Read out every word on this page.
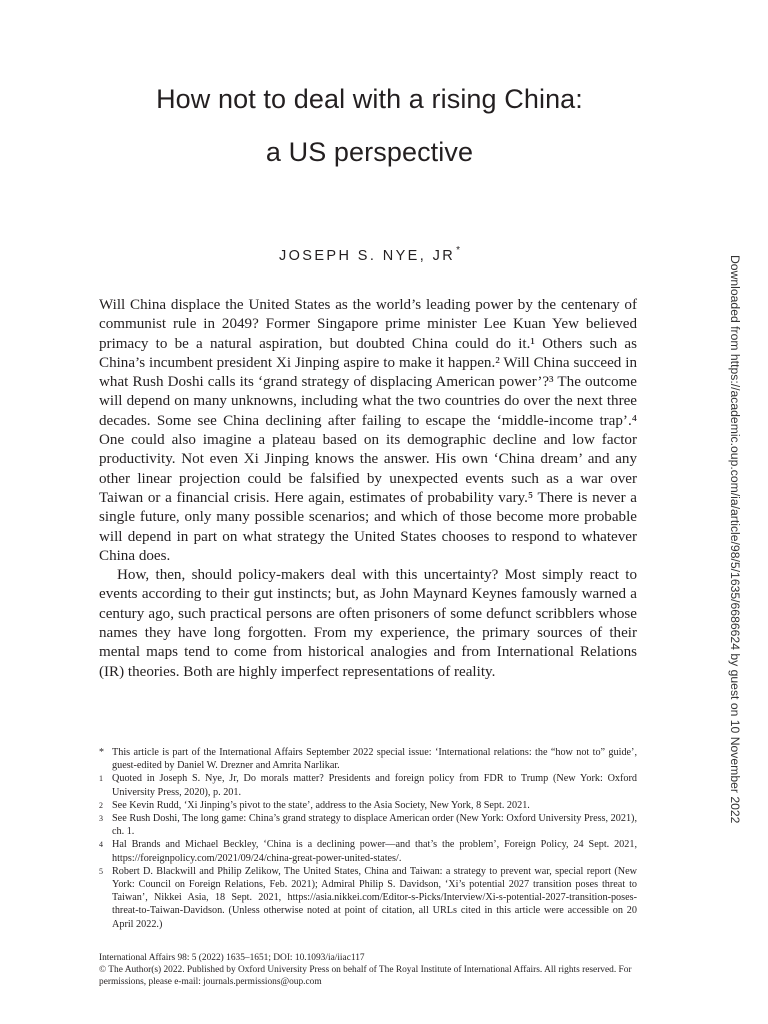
How not to deal with a rising China:
a US perspective
JOSEPH S. NYE, JR*

Will China displace the United States as the world’s leading power by the centenary of communist rule in 2049? Former Singapore prime minister Lee Kuan Yew believed primacy to be a natural aspiration, but doubted China could do it.¹ Others such as China’s incumbent president Xi Jinping aspire to make it happen.² Will China succeed in what Rush Doshi calls its ‘grand strategy of displacing American power’?³ The outcome will depend on many unknowns, including what the two countries do over the next three decades. Some see China declining after failing to escape the ‘middle-income trap’.⁴ One could also imagine a plateau based on its demographic decline and low factor productivity. Not even Xi Jinping knows the answer. His own ‘China dream’ and any other linear projection could be falsified by unexpected events such as a war over Taiwan or a financial crisis. Here again, estimates of probability vary.⁵ There is never a single future, only many possible scenarios; and which of those become more probable will depend in part on what strategy the United States chooses to respond to whatever China does.

How, then, should policy-makers deal with this uncertainty? Most simply react to events according to their gut instincts; but, as John Maynard Keynes famously warned a century ago, such practical persons are often prisoners of some defunct scribblers whose names they have long forgotten. From my experience, the primary sources of their mental maps tend to come from historical analogies and from International Relations (IR) theories. Both are highly imperfect representations of reality.

* This article is part of the International Affairs September 2022 special issue: ‘International relations: the “how not to” guide’, guest-edited by Daniel W. Drezner and Amrita Narlikar.

1 Quoted in Joseph S. Nye, Jr, Do morals matter? Presidents and foreign policy from FDR to Trump (New York: Oxford University Press, 2020), p. 201.

2 See Kevin Rudd, ‘Xi Jinping’s pivot to the state’, address to the Asia Society, New York, 8 Sept. 2021.

3 See Rush Doshi, The long game: China’s grand strategy to displace American order (New York: Oxford University Press, 2021), ch. 1.

4 Hal Brands and Michael Beckley, ‘China is a declining power—and that’s the problem’, Foreign Policy, 24 Sept. 2021, https://foreignpolicy.com/2021/09/24/china-great-power-united-states/.

5 Robert D. Blackwill and Philip Zelikow, The United States, China and Taiwan: a strategy to prevent war, special report (New York: Council on Foreign Relations, Feb. 2021); Admiral Philip S. Davidson, ‘Xi’s potential 2027 transition poses threat to Taiwan’, Nikkei Asia, 18 Sept. 2021, https://asia.nikkei.com/Editor-s-Picks/Interview/Xi-s-potential-2027-transition-poses-threat-to-Taiwan-Davidson. (Unless otherwise noted at point of citation, all URLs cited in this article were accessible on 20 April 2022.)

International Affairs 98: 5 (2022) 1635–1651; DOI: 10.1093/ia/iiac117

© The Author(s) 2022. Published by Oxford University Press on behalf of The Royal Institute of International Affairs. All rights reserved. For permissions, please e-mail: journals.permissions@oup.com

Downloaded from https://academic.oup.com/ia/article/98/5/1635/6686624 by guest on 10 November 2022
